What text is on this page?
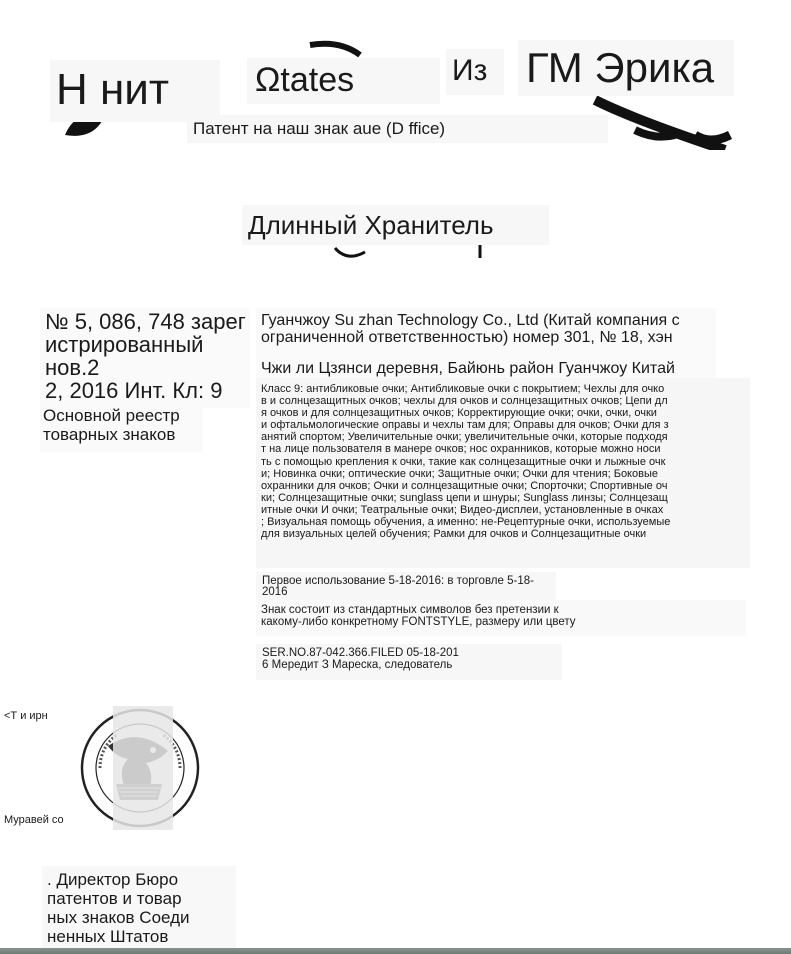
Н нит	Ωtates	Из ГМ Эрика
Патент на наш знак aue (D ffice)
Длинный Хранитель
№ 5, 086, 748 зарег
истрированный
нов.2
2, 2016 Инт. Кл: 9
Основной реестр
товарных знаков
Гуанчжоу Su zhan Technology Co., Ltd (Китай компания с ограниченной ответственностью) номер 301, № 18, хэн
Чжи ли Цзянси деревня, Байюнь район Гуанчжоу Китай
Класс 9: антибликовые очки; Антибликовые очки с покрытием; Чехлы для очко
в и солнцезащитных очков; чехлы для очков и солнцезащитных очков; Цепи дл
я очков и для солнцезащитных очков; Корректирующие очки; очки, очки, очки
и офтальмологические оправы и чехлы там для; Оправы для очков; Очки для з
анятий спортом; Увеличительные очки; увеличительные очки, которые подходя
т на лице пользователя в манере очков; нос охранников, которые можно носи
ть с помощью крепления к очки, такие как солнцезащитные очки и лыжные очк
и; Новинка очки; оптические очки; Защитные очки; Очки для чтения; Боковые
охранники для очков; Очки и солнцезащитные очки; Спорточки; Спортивные оч
ки; Солнцезащитные очки; sunglass цепи и шнуры; Sunglass линзы; Солнцезащ
итные очки И очки; Театральные очки; Видео-дисплеи, установленные в очках
; Визуальная помощь обучения, а именно: не-Рецептурные очки, используемые
для визуальных целей обучения; Рамки для очков и Солнцезащитные очки
Первое использование 5-18-2016: в торговле 5-18-
2016
Знак состоит из стандартных символов без претензии к
какому-либо конкретному FONTSTYLE, размеру или цвету
SER.NO.87-042.366.FILED 05-18-201
6 Мередит З Мареска, следователь
<Т и ирн
Муравей со
. Директор Бюро
патентов и товар
ных знаков Соеди
ненных Штатов
